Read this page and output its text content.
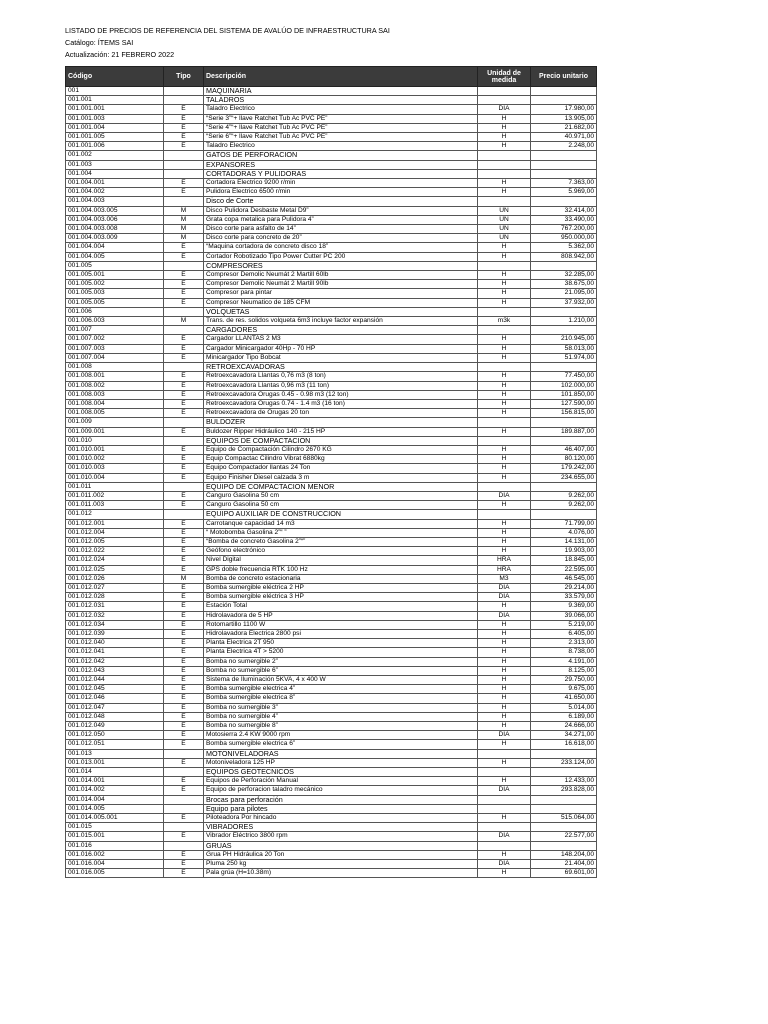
LISTADO DE PRECIOS DE REFERENCIA DEL SISTEMA DE AVALÚO DE INFRAESTRUCTURA SAI
Catálogo: ÍTEMS SAI
Actualización: 21 FEBRERO 2022
Código	Tipo	Descripción	Unidad de medida	Precio unitario
001		MAQUINARIA		
001.001		TALADROS		
001.001.001	E	Taladro Electrico	DIA	17.980,00
001.001.003	E	“Serie 3”“+ llave Ratchet Tub Ac PVC PE”	H	13.905,00
001.001.004	E	“Serie 4”“+ llave Ratchet Tub Ac PVC PE”	H	21.682,00
001.001.005	E	“Serie 6”“+ llave Ratchet Tub Ac PVC PE”	H	40.971,00
001.001.006	E	Taladro Electrico	H	2.248,00
001.002		GATOS DE PERFORACION		
001.003		EXPANSORES		
001.004		CORTADORAS Y PULIDORAS		
001.004.001	E	Cortadora Electrico 9200 r/min	H	7.363,00
001.004.002	E	Pulidora Electrico 6500 r/min	H	5.969,00
001.004.003		Disco de Corte		
001.004.003.005	M	Disco Pulidora Desbaste Metal D9”	UN	32.414,00
001.004.003.006	M	Grata copa metalica para Pulidora 4”	UN	33.490,00
001.004.003.008	M	Disco corte para asfalto de 14”	UN	767.200,00
001.004.003.009	M	Disco corte para concreto de 20”	UN	950.000,00
001.004.004	E	“Maquina cortadora de concreto disco 18”	H	5.362,00
001.004.005	E	Cortador Robotizado Tipo Power Cutter PC 200	H	808.942,00
001.005		COMPRESORES		
001.005.001	E	Compresor Demolic Neumát 2 Martill 60lb	H	32.285,00
001.005.002	E	Compresor Demolic Neumát 2 Martill 90lb	H	38.675,00
001.005.003	E	Compresor para pintar	H	21.095,00
001.005.005	E	Compresor Neumatico de 185 CFM	H	37.932,00
001.006		VOLQUETAS		
001.006.003	M	Trans. de res. solidos volqueta 6m3 incluye factor expansión	m3k	1.210,00
001.007		CARGADORES		
001.007.002	E	Cargador LLANTAS 2 M3	H	210.945,00
001.007.003	E	Cargador Minicargador 40Hp - 70 HP	H	58.013,00
001.007.004	E	Minicargador Tipo Bobcat	H	51.974,00
001.008		RETROEXCAVADORAS		
001.008.001	E	Retroexcavadora Llantas 0,76 m3 (8 ton)	H	77.450,00
001.008.002	E	Retroexcavadora Llantas 0,96 m3 (11 ton)	H	102.000,00
001.008.003	E	Retroexcavadora Orugas 0.45 - 0.98 m3 (12 ton)	H	101.850,00
001.008.004	E	Retroexcavadora Orugas 0.74 - 1.4 m3 (16 ton)	H	127.590,00
001.008.005	E	Retroexcavadora de Orugas 20 ton	H	156.815,00
001.009		BULDOZER		
001.009.001	E	Buldozer Ripper Hidráulico 140 - 215 HP	H	189.887,00
001.010		EQUIPOS DE COMPACTACION		
001.010.001	E	Equipo de Compactación Cilindro 2670 KG	H	46.407,00
001.010.002	E	Equip Compactac Cilindro Vibrat 6880kg	H	80.120,00
001.010.003	E	Equipo Compactador llantas 24 Ton	H	179.242,00
001.010.004	E	Equipo Finisher Diesel calzada 3 m	H	234.655,00
001.011		EQUIPO DE COMPACTACION MENOR		
001.011.002	E	Canguro Gasolina 50 cm	DIA	9.262,00
001.011.003	E	Canguro Gasolina 50 cm	H	9.262,00
001.012		EQUIPO AUXILIAR DE CONSTRUCCION		
001.012.001	E	Carrotanque capacidad 14 m3	H	71.799,00
001.012.004	E	“ Motobomba Gasolina 2”“ ”	H	4.076,00
001.012.005	E	“Bomba de concreto Gasolina 2”“”	H	14.131,00
001.012.022	E	Geófono electrónico	H	19.903,00
001.012.024	E	Nivel Digital	HRA	18.845,00
001.012.025	E	GPS doble frecuencia RTK 100 Hz	HRA	22.595,00
001.012.026	M	Bomba de concreto estacionaria	M3	46.545,00
001.012.027	E	Bomba sumergible eléctrica 2 HP	DIA	29.214,00
001.012.028	E	Bomba sumergible eléctrica 3 HP	DIA	33.579,00
001.012.031	E	Estación Total	H	9.369,00
001.012.032	E	Hidrolavadora de 5 HP	DIA	39.066,00
001.012.034	E	Rotomartillo 1100 W	H	5.219,00
001.012.039	E	Hidrolavadora Electrica 2800 psi	H	6.405,00
001.012.040	E	Planta Electrica 2T 950	H	2.313,00
001.012.041	E	Planta Electrica 4T > 5200	H	8.738,00
001.012.042	E	Bomba no sumergible 2”	H	4.191,00
001.012.043	E	Bomba no sumergible 6”	H	8.125,00
001.012.044	E	Sistema de Iluminación 5KVA, 4 x 400 W	H	29.750,00
001.012.045	E	Bomba sumergible electrica 4”	H	9.675,00
001.012.046	E	Bomba sumergible electrica 8”	H	41.650,00
001.012.047	E	Bomba no sumergible 3”	H	5.014,00
001.012.048	E	Bomba no sumergible 4”	H	6.189,00
001.012.049	E	Bomba no sumergible 8”	H	24.666,00
001.012.050	E	Motosierra 2.4 KW 9000 rpm	DIA	34.271,00
001.012.051	E	Bomba sumergible electrica 6”	H	16.618,00
001.013		MOTONIVELADORAS		
001.013.001	E	Motoniveladora 125 HP	H	233.124,00
001.014		EQUIPOS GEOTECNICOS		
001.014.001	E	Equipos de Perforación Manual	H	12.433,00
001.014.002	E	Equipo de perforacion taladro mecánico	DIA	293.828,00
001.014.004		Brocas para perforación		
001.014.005		Equipo para pilotes		
001.014.005.001	E	Piloteadora Por hincado	H	515.064,00
001.015		VIBRADORES		
001.015.001	E	Vibrador Eléctrico 3800 rpm	DIA	22.577,00
001.016		GRUAS		
001.016.002	E	Grua PH Hidráulica 20 Ton	H	148.204,00
001.016.004	E	Pluma 250 kg	DIA	21.404,00
001.016.005	E	Pala grúa (H=10.38m)	H	69.601,00
